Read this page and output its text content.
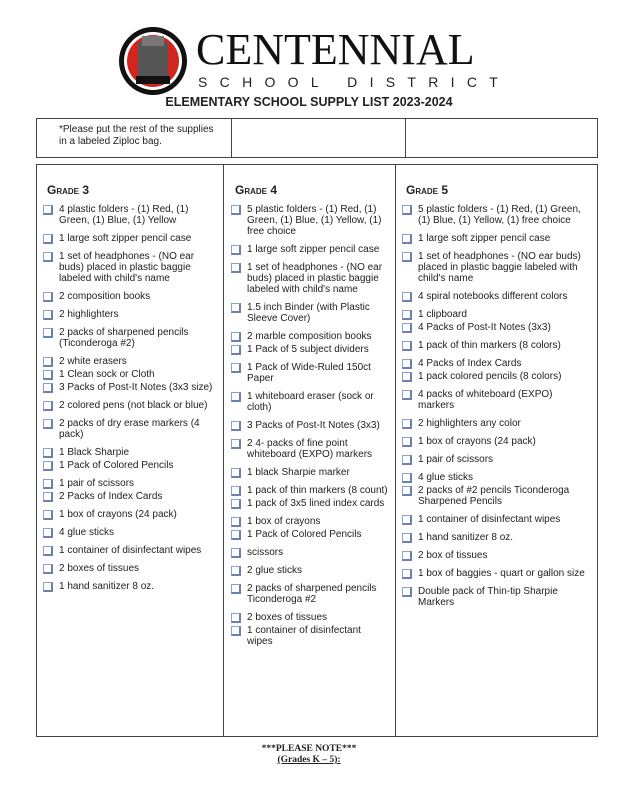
CENTENNIAL
S C H O O L
D I S T R I C T
ELEMENTARY SCHOOL SUPPLY LIST 2023-2024
*Please put the rest of the supplies in a labeled Ziploc bag.
Grade 3
4 plastic folders - (1) Red, (1) Green, (1) Blue, (1) Yellow
1 large soft zipper pencil case
1 set of headphones - (NO ear buds) placed in plastic baggie labeled with child's name
2 composition books
2 highlighters
2 packs of sharpened pencils (Ticonderoga #2)
2 white erasers
1 Clean sock or Cloth
3 Packs of Post-It Notes (3x3 size)
2 colored pens (not black or blue)
2 packs of dry erase markers (4 pack)
1 Black Sharpie
1 Pack of Colored Pencils
1 pair of scissors
2 Packs of Index Cards
1 box of crayons (24 pack)
4 glue sticks
1 container of disinfectant wipes
2 boxes of tissues
1 hand sanitizer 8 oz.
Grade 4
5 plastic folders - (1) Red, (1) Green, (1) Blue, (1) Yellow, (1) free choice
1 large soft zipper pencil case
1 set of headphones - (NO ear buds) placed in plastic baggie labeled with child's name
1.5 inch Binder (with Plastic Sleeve Cover)
2 marble composition books
1 Pack of 5 subject dividers
1 Pack of Wide-Ruled 150ct Paper
1 whiteboard eraser (sock or cloth)
3 Packs of Post-It Notes (3x3)
2 4- packs of fine point whiteboard (EXPO) markers
1 black Sharpie marker
1 pack of thin markers (8 count)
1 pack of 3x5 lined index cards
1 box of crayons
1 Pack of Colored Pencils
scissors
2 glue sticks
2 packs of sharpened pencils Ticonderoga #2
2 boxes of tissues
1 container of disinfectant wipes
Grade 5
5 plastic folders - (1) Red, (1) Green, (1) Blue, (1) Yellow, (1) free choice
1 large soft zipper pencil case
1 set of headphones - (NO ear buds) placed in plastic baggie labeled with child's name
4 spiral notebooks different colors
1 clipboard
4 Packs of Post-It Notes (3x3)
1 pack of thin markers (8 colors)
4 Packs of Index Cards
1 pack colored pencils (8 colors)
4 packs of whiteboard (EXPO) markers
2 highlighters any color
1 box of crayons (24 pack)
1 pair of scissors
4 glue sticks
2 packs of #2 pencils Ticonderoga Sharpened Pencils
1 container of disinfectant wipes
1 hand sanitizer 8 oz.
2 box of tissues
1 box of baggies - quart or gallon size
Double pack of Thin-tip Sharpie Markers
***PLEASE NOTE***
(Grades K – 5):
